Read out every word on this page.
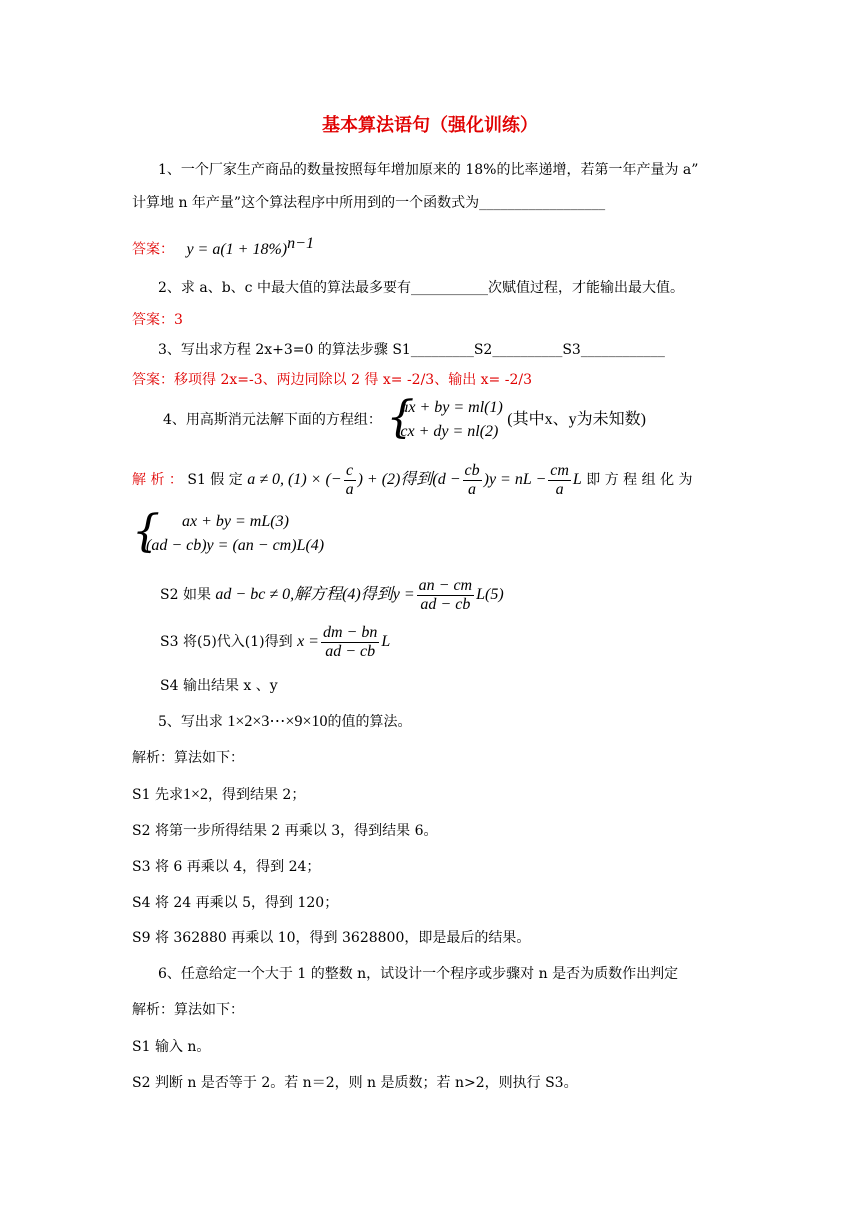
基本算法语句（强化训练）
1、一个厂家生产商品的数量按照每年增加原来的 18%的比率递增，若第一年产量为 a”
计算地 n 年产量”这个算法程序中所用到的一个函数式为__________________
答案： $y = a(1 + 18\%)^{n-1}$
2、求 a、b、c 中最大值的算法最多要有___________次赋值过程，才能输出最大值。
答案：3
3、写出求方程 2x+3=0 的算法步骤 S1_________S2__________S3____________
答案：移项得 2x=-3、两边同除以 2 得 x= -2/3、输出 x= -2/3
4、用高斯消元法解下面的方程组： {
ax + by = ml(1)
cx + dy = nl(2)
(其中x、y为未知数)
解 析 ： S1 假 定 a ≠ 0, (1) × (− $\frac{c}{a}$ ) + (2)得到$(d - \frac{cb}{a} )y$ = nL − $\frac{cm}{a}$ L 即 方 程 组 化 为
{	ax + by = mL(3)
(ad − cb)y = (an − cm)L(4)
S2 如果 ad − bc ≠ 0,解方程(4)得到$y = \frac{an - cm}{ad - cb} L(5)$
S3 将(5)代入(1)得到 $x = \frac{dm - bn}{ad - cb}$ L
S4 输出结果 x 、y
5、写出求 1×2×3⋯×9×10的值的算法。
解析：算法如下：
S1 先求1×2，得到结果 2；
S2 将第一步所得结果 2 再乘以 3，得到结果 6。
S3 将 6 再乘以 4，得到 24；
S4 将 24 再乘以 5，得到 120；
S9 将 362880 再乘以 10，得到 3628800，即是最后的结果。
6、任意给定一个大于 1 的整数 n，试设计一个程序或步骤对 n 是否为质数作出判定
解析：算法如下：
S1 输入 n。
S2 判断 n 是否等于 2。若 n＝2，则 n 是质数；若 n>2，则执行 S3。
